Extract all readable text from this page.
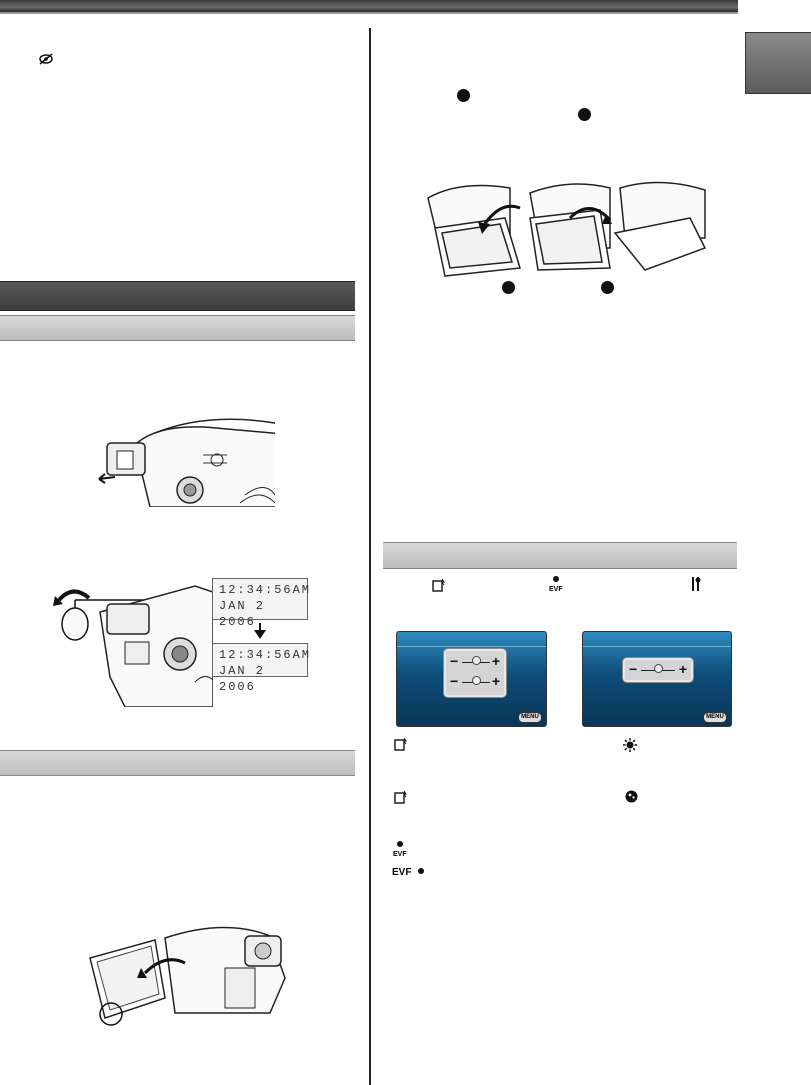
12:34:56AM
JAN 2 2006
12:34:56AM
JAN 2 2006
EVF
− +
− +
MENU
−	+
MENU
EVF
EVF
